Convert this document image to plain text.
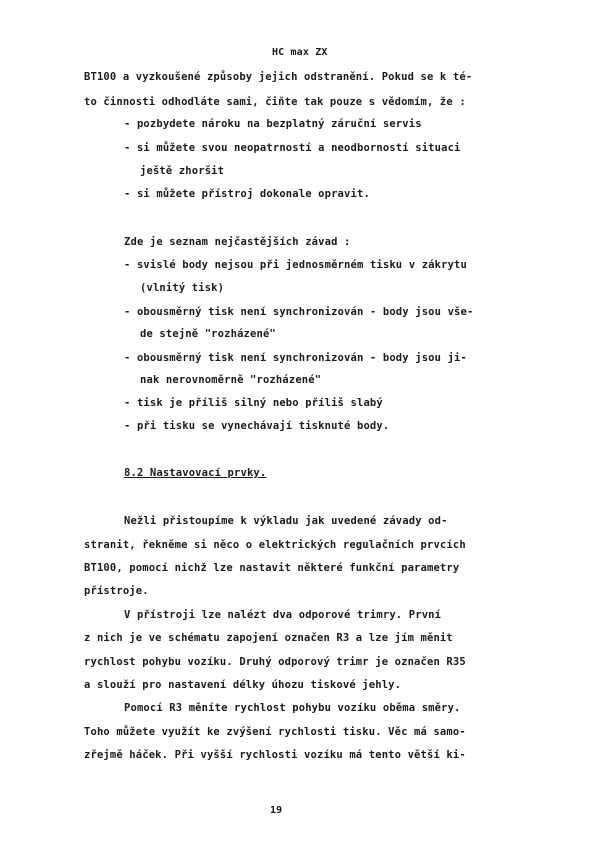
HC max ZX
BT100 a vyzkoušené způsoby jejich odstranění. Pokud se k té-
to činnosti odhodláte sami, čiňte tak pouze s vědomím, že :
- pozbydete nároku na bezplatný záruční servis
- si můžete svou neopatrností a neodborností situaci
ještě zhoršit
- si můžete přístroj dokonale opravit.
Zde je seznam nejčastějších závad :
- svislé body nejsou při jednosměrném tisku v zákrytu
(vlnitý tisk)
- obousměrný tisk není synchronizován - body jsou vše-
de stejně "rozházené"
- obousměrný tisk není synchronizován - body jsou ji-
nak nerovnoměrně "rozházené"
- tisk je příliš silný nebo příliš slabý
- při tisku se vynechávají tisknuté body.
8.2 Nastavovací prvky.
Nežli přistoupíme k výkladu jak uvedené závady od-
stranit, řekněme si něco o elektrických regulačních prvcích
BT100, pomocí nichž lze nastavit některé funkční parametry
přístroje.
V přístroji lze nalézt dva odporové trimry. První
z nich je ve schématu zapojení označen R3 a lze jím měnit
rychlost pohybu vozíku. Druhý odporový trimr je označen R35
a slouží pro nastavení délky úhozu tiskové jehly.
Pomocí R3 měníte rychlost pohybu vozíku oběma směry.
Toho můžete využít ke zvýšení rychlosti tisku. Věc má samo-
zřejmě háček. Při vyšší rychlosti vozíku má tento větší ki-
19
